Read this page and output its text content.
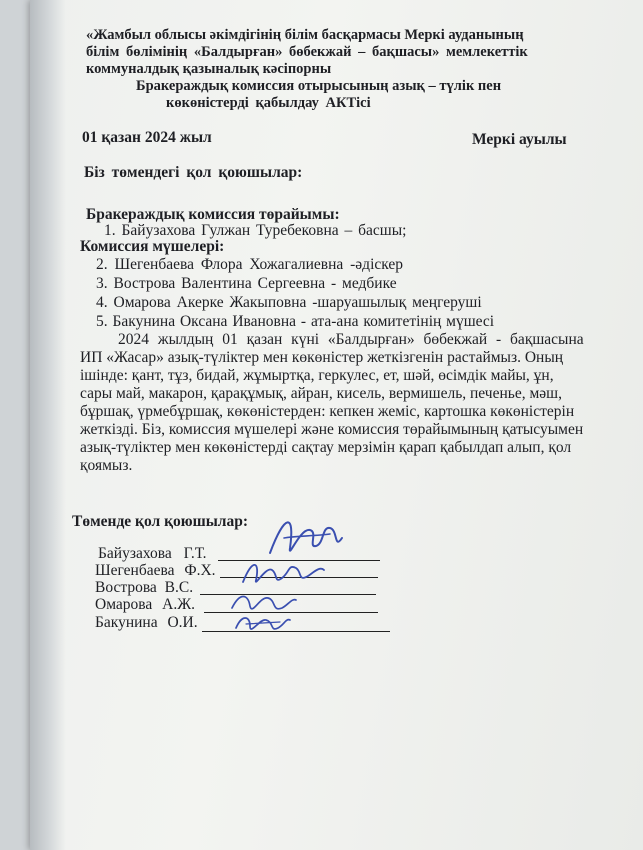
«Жамбыл облысы әкімдігінің білім басқармасы Меркі ауданының
білім бөлімінің «Балдырған» бөбекжай – бақшасы» мемлекеттік
коммуналдық қазыналық кәсіпорны
Бракераждық комиссия отырысының азық – түлік пен
көкөністерді қабылдау АКТісі
01 қазан 2024 жыл	Меркі ауылы
Біз төмендегі қол қоюшылар:
Бракераждық комиссия төрайымы:
1. Байузахова Гулжан Туребековна – басшы;
Комиссия мүшелері:
2. Шегенбаева Флора Хожагалиевна -әдіскер
3. Вострова Валентина Сергеевна - медбике
4. Омарова Акерке Жакыповна -шаруашылық меңгеруші
5. Бакунина Оксана Ивановна - ата-ана комитетінің мүшесі
2024 жылдың 01 қазан күні «Балдырған» бөбекжай - бақшасына
ИП «Жасар» азық-түліктер мен көкөністер жеткізгенін растаймыз. Оның
ішінде: қант, тұз, бидай, жұмыртқа, геркулес, ет, шәй, өсімдік майы, ұн,
сары май, макарон, қарақұмық, айран, кисель, вермишель, печенье, мәш,
бұршақ, үрмебұршақ, көкөністерден: кепкен жеміс, картошка көкөністерін
жеткізді. Біз, комиссия мүшелері және комиссия төрайымының қатысуымен
азық-түліктер мен көкөністерді сақтау мерзімін қарап қабылдап алып, қол
қоямыз.
Төменде қол қоюшылар:
Байузахова Г.Т.
Шегенбаева Ф.Х.
Вострова В.С.
Омарова А.Ж.
Бакунина О.И.
